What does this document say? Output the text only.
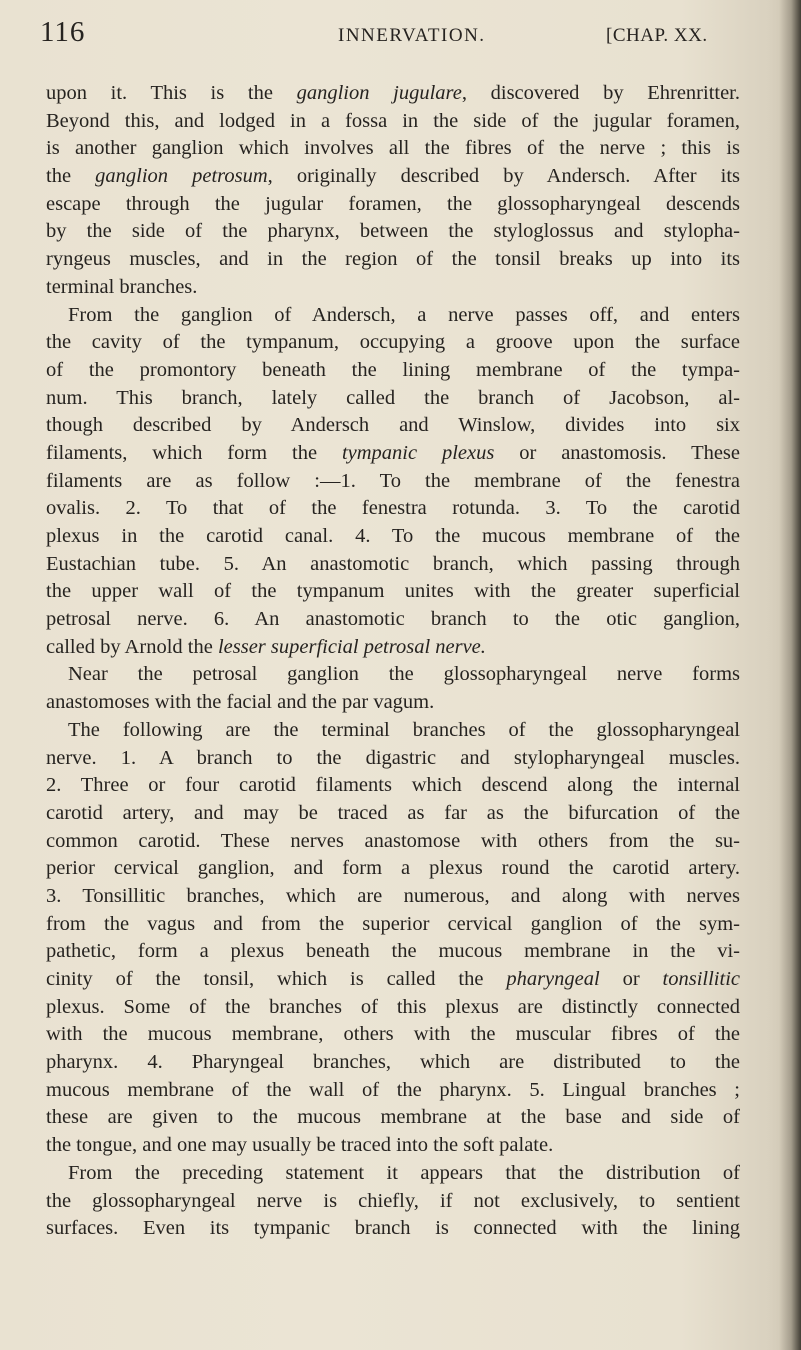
116	INNERVATION.	[CHAP. XX.
upon it. This is the ganglion jugulare, discovered by Ehrenritter.
Beyond this, and lodged in a fossa in the side of the jugular foramen,
is another ganglion which involves all the fibres of the nerve ; this is
the ganglion petrosum, originally described by Andersch. After its
escape through the jugular foramen, the glossopharyngeal descends
by the side of the pharynx, between the styloglossus and stylopha-
ryngeus muscles, and in the region of the tonsil breaks up into its
terminal branches.
From the ganglion of Andersch, a nerve passes off, and enters
the cavity of the tympanum, occupying a groove upon the surface
of the promontory beneath the lining membrane of the tympa-
num. This branch, lately called the branch of Jacobson, al-
though described by Andersch and Winslow, divides into six
filaments, which form the tympanic plexus or anastomosis. These
filaments are as follow :—1. To the membrane of the fenestra
ovalis. 2. To that of the fenestra rotunda. 3. To the carotid
plexus in the carotid canal. 4. To the mucous membrane of the
Eustachian tube. 5. An anastomotic branch, which passing through
the upper wall of the tympanum unites with the greater superficial
petrosal nerve. 6. An anastomotic branch to the otic ganglion,
called by Arnold the lesser superficial petrosal nerve.
Near the petrosal ganglion the glossopharyngeal nerve forms
anastomoses with the facial and the par vagum.
The following are the terminal branches of the glossopharyngeal
nerve. 1. A branch to the digastric and stylopharyngeal muscles.
2. Three or four carotid filaments which descend along the internal
carotid artery, and may be traced as far as the bifurcation of the
common carotid. These nerves anastomose with others from the su-
perior cervical ganglion, and form a plexus round the carotid artery.
3. Tonsillitic branches, which are numerous, and along with nerves
from the vagus and from the superior cervical ganglion of the sym-
pathetic, form a plexus beneath the mucous membrane in the vi-
cinity of the tonsil, which is called the pharyngeal or tonsillitic
plexus. Some of the branches of this plexus are distinctly connected
with the mucous membrane, others with the muscular fibres of the
pharynx. 4. Pharyngeal branches, which are distributed to the
mucous membrane of the wall of the pharynx. 5. Lingual branches ;
these are given to the mucous membrane at the base and side of
the tongue, and one may usually be traced into the soft palate.
From the preceding statement it appears that the distribution of
the glossopharyngeal nerve is chiefly, if not exclusively, to sentient
surfaces. Even its tympanic branch is connected with the lining
